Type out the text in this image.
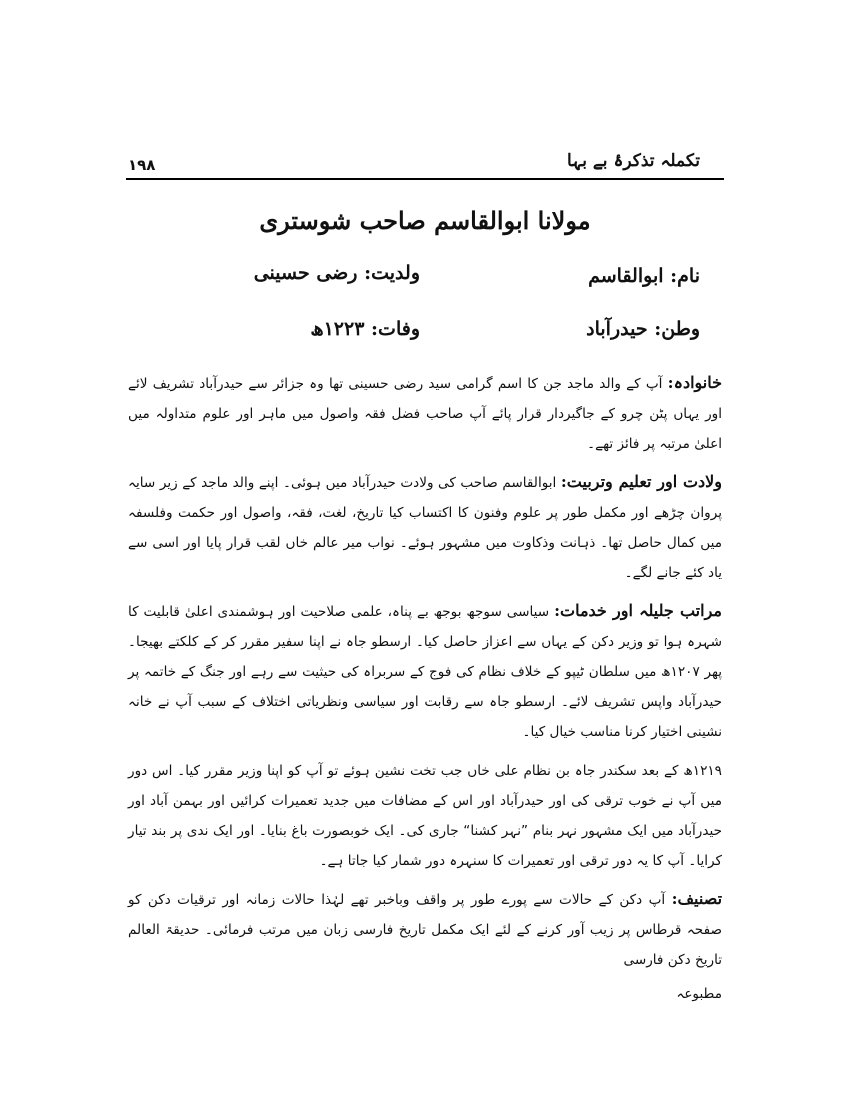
۱۹۸	تکملہ تذکرۂ بے بہا
مولانا ابوالقاسم صاحب شوستری
نام: ابوالقاسم
ولدیت: رضی حسینی
وطن: حیدرآباد
وفات: ۱۲۲۳ھ

خانوادہ: آپ کے والد ماجد جن کا اسم گرامی سید رضی حسینی تھا وہ جزائر سے حیدرآباد تشریف لائے اور یہاں پٹن چرو کے جاگیردار قرار پائے آپ صاحب فضل فقہ واصول میں ماہر اور علوم متداولہ میں اعلیٰ مرتبہ پر فائز تھے۔

ولادت اور تعلیم وتربیت: ابوالقاسم صاحب کی ولادت حیدرآباد میں ہوئی۔ اپنے والد ماجد کے زیر سایہ پروان چڑھے اور مکمل طور پر علوم وفنون کا اکتساب کیا تاریخ، لغت، فقہ، واصول اور حکمت وفلسفہ میں کمال حاصل تھا۔ ذہانت وذکاوت میں مشہور ہوئے۔ نواب میر عالم خاں لقب قرار پایا اور اسی سے یاد کئے جانے لگے۔

مراتب جلیلہ اور خدمات: سیاسی سوجھ بوجھ بے پناہ، علمی صلاحیت اور ہوشمندی اعلیٰ قابلیت کا شہرہ ہوا تو وزیر دکن کے یہاں سے اعزاز حاصل کیا۔ ارسطو جاہ نے اپنا سفیر مقرر کر کے کلکتے بھیجا۔ پھر ۱۲۰۷ھ میں سلطان ٹیپو کے خلاف نظام کی فوج کے سربراہ کی حیثیت سے رہے اور جنگ کے خاتمہ پر حیدرآباد واپس تشریف لائے۔ ارسطو جاہ سے رقابت اور سیاسی ونظریاتی اختلاف کے سبب آپ نے خانہ نشینی اختیار کرنا مناسب خیال کیا۔

۱۲۱۹ھ کے بعد سکندر جاہ بن نظام علی خاں جب تخت نشین ہوئے تو آپ کو اپنا وزیر مقرر کیا۔ اس دور میں آپ نے خوب ترقی کی اور حیدرآباد اور اس کے مضافات میں جدید تعمیرات کرائیں اور بہمن آباد اور حیدرآباد میں ایک مشہور نہر بنام ”نہر کشنا“ جاری کی۔ ایک خوبصورت باغ بنایا۔ اور ایک ندی پر بند تیار کرایا۔ آپ کا یہ دور ترقی اور تعمیرات کا سنہرہ دور شمار کیا جاتا ہے۔

تصنیف: آپ دکن کے حالات سے پورے طور پر واقف وباخبر تھے لہٰذا حالات زمانہ اور ترقیات دکن کو صفحہ قرطاس پر زیب آور کرنے کے لئے ایک مکمل تاریخ فارسی زبان میں مرتب فرمائی۔ حدیقۃ العالم تاریخ دکن فارسی

مطبوعہ
